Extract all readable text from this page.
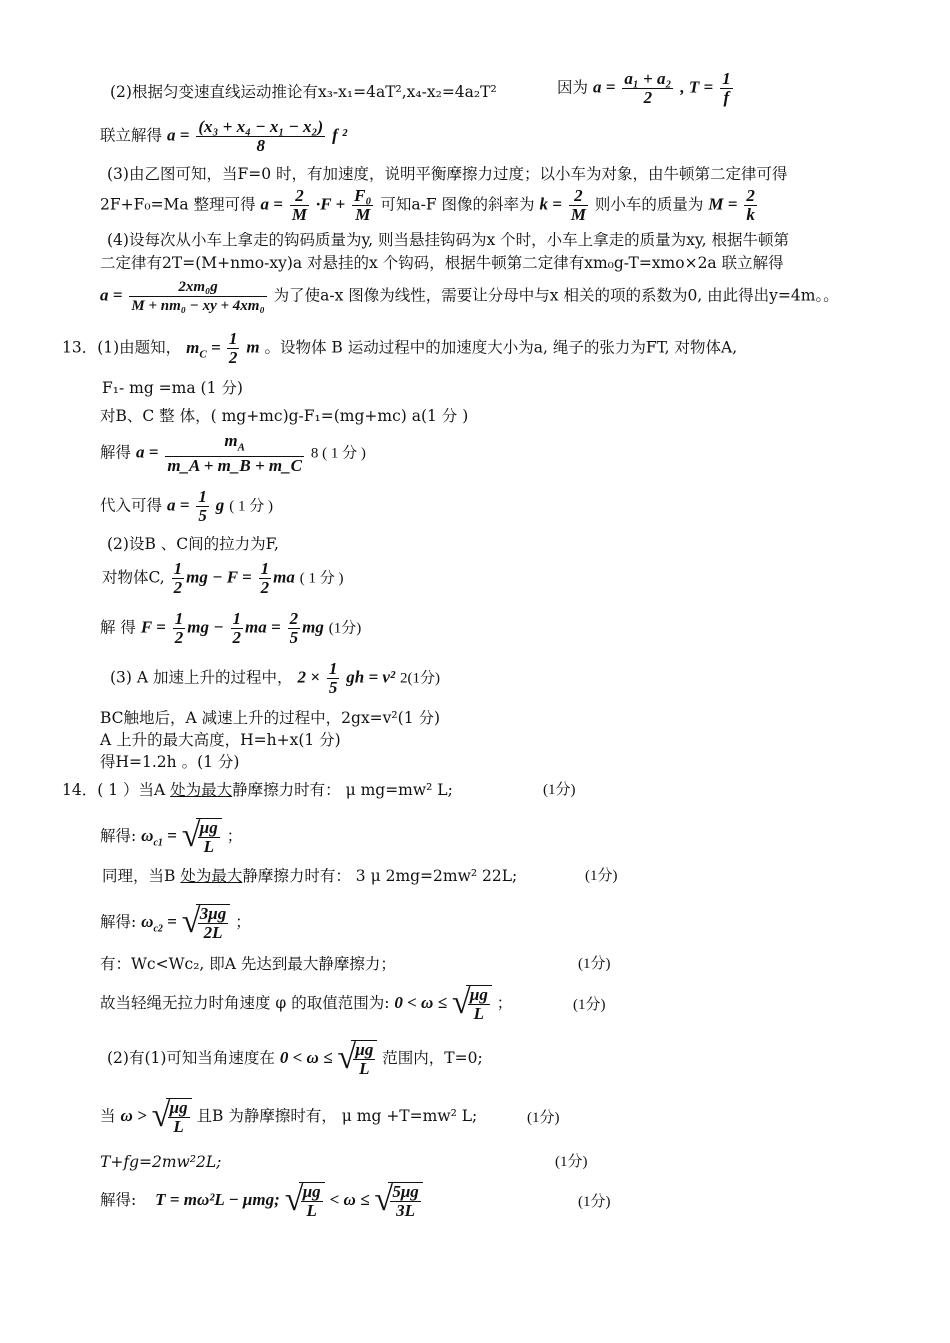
(2)根据匀变速直线运动推论有x₃-x₁=4aT²,x₄-x₂=4a₂T²	因为 $a = \frac{\text{a₁ + a₂}}{2}$ , $T = \frac{1}{f}$
联立解得 $a = \frac{\text{(x₃ + x₄ − x₁ − x₂)}}{8}$ f ²
(3)由乙图可知，当F=0 时，有加速度，说明平衡摩擦力过度；以小车为对象，由牛顿第二定律可得
2F+F₀=Ma 整理可得 $a = \frac{2}{M} \cdot F + \frac{\text{F₀}}{M}$ 可知a-F 图像的斜率为 $k = \frac{2}{M}$ 则小车的质量为 $M = \frac{2}{k}$
(4)设每次从小车上拿走的钩码质量为y, 则当悬挂钩码为x 个时，小车上拿走的质量为xy, 根据牛顿第
二定律有2T=(M+nmo-xy)a 对悬挂的x 个钩码，根据牛顿第二定律有xm₀g-T=xmo×2a 联立解得
$a = \frac{\text{2xm₀g}}{\text{M + nm₀ − xy + 4xm₀}}$ 为了使a-x 图像为线性，需要让分母中与x 相关的项的系数为0, 由此得出y=4m。。
13．(1)由题知， $m_C = \frac{1}{2}$ m 。设物体 B 运动过程中的加速度大小为a, 绳子的张力为FT, 对物体A,
F₁- mg =ma (1 分)
对B、C 整 体，( mg+mc)g-F₁=(mg+mc) a(1 分 )
解得 $a = \frac{m_A}{m\_A + m\_B + m\_C} 8$ ( 1 分 )
代入可得 $a = \frac{1}{5}$ g ( 1 分 )
(2)设B 、C间的拉力为F,
对物体C, $\frac{1}{2}$ mg − $F = \frac{1}{2}$ ma ( 1 分 )
解 得 $F = \frac{1}{2}$ mg − $\frac{1}{2}$ ma = $\frac{2}{5}$ mg (1分)
(3) A 加速上升的过程中， $2 \times \frac{1}{5}$ gh = v² 2(1分)
BC触地后，A 减速上升的过程中，2gx=v²(1 分)
A 上升的最大高度，H=h+x(1 分)
得H=1.2h 。(1 分)
14．( 1 ）当A 处为最大静摩擦力时有： μ mg=mw² L;	(1分)
解得: $\omega_{c1}$ = √
$\frac{\mu g}{L}$ ；
同理，当B 处为最大静摩擦力时有： 3 μ 2mg=2mw² 22L;	(1分)
解得: $\omega_{c2}$ = √
$\frac{3\mu g}{2L}$ ；
有：Wc<Wc₂, 即A 先达到最大静摩擦力；	(1分)
故当轻绳无拉力时角速度 φ 的取值范围为: 0 < ω ≤ √
$\frac{\mu g}{L}$ ；	(1分)
(2)有(1)可知当角速度在 0 < ω ≤ √
$\frac{\mu g}{L}$ 范围内，T=0;
当 ω > √
$\frac{\mu g}{L}$ 且B 为静摩擦时有， μ mg +T=mw² L;	(1分)
T+fg=2mw²2L;	(1分)
解得: T = mω²L − μmg; √
$\frac{\mu g}{L} < \omega$ ≤ √
$\frac{5\mu g}{3L}$	(1分)
